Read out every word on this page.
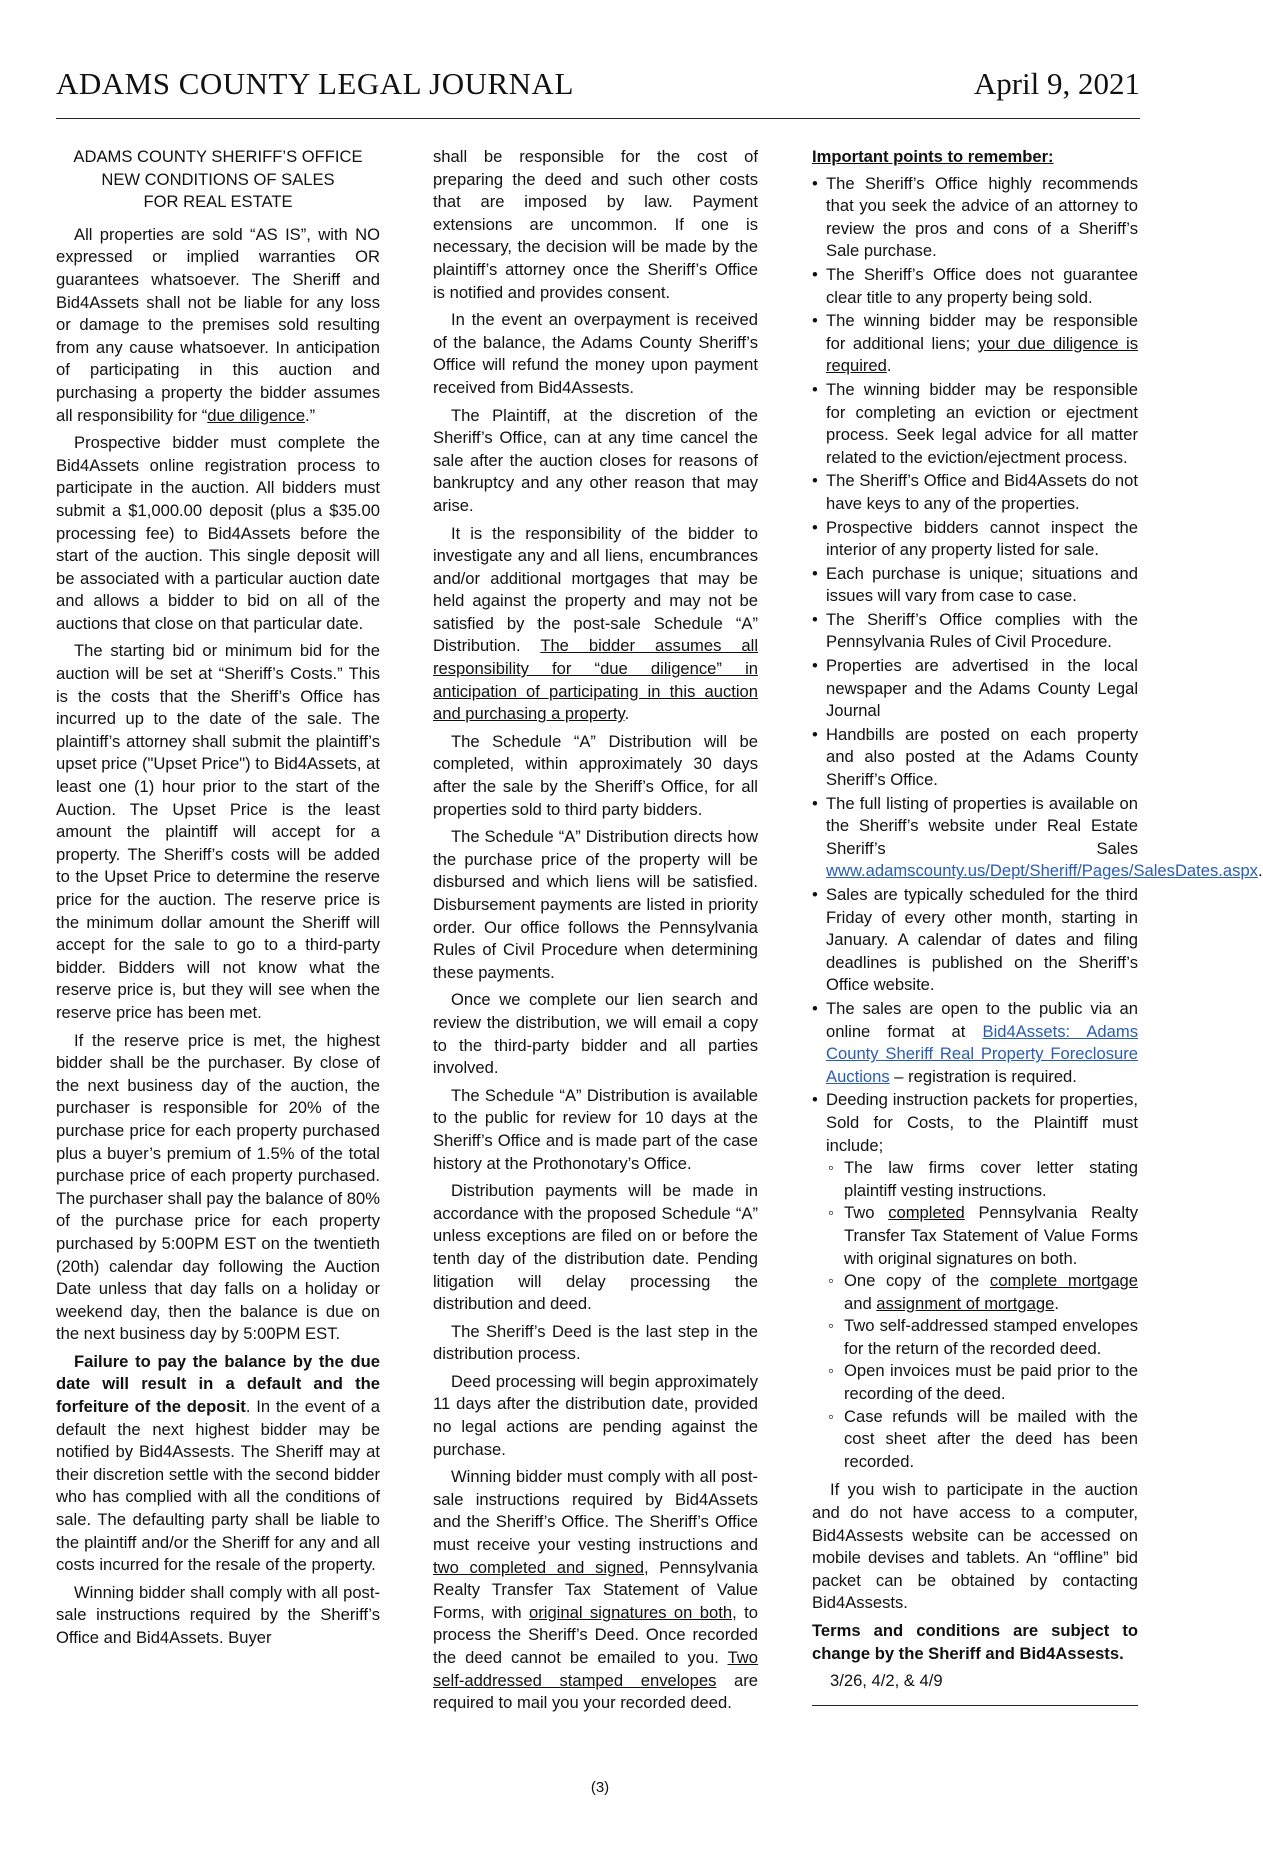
ADAMS COUNTY LEGAL JOURNAL	April 9, 2021
ADAMS COUNTY SHERIFF’S OFFICE
NEW CONDITIONS OF SALES
FOR REAL ESTATE

All properties are sold “AS IS”, with NO expressed or implied warranties OR guarantees whatsoever. The Sheriff and Bid4Assets shall not be liable for any loss or damage to the premises sold resulting from any cause whatsoever. In anticipation of participating in this auction and purchasing a property the bidder assumes all responsibility for “due diligence.”

Prospective bidder must complete the Bid4Assets online registration process to participate in the auction. All bidders must submit a $1,000.00 deposit (plus a $35.00 processing fee) to Bid4Assets before the start of the auction. This single deposit will be associated with a particular auction date and allows a bidder to bid on all of the auctions that close on that particular date.

The starting bid or minimum bid for the auction will be set at “Sheriff’s Costs.” This is the costs that the Sheriff’s Office has incurred up to the date of the sale. The plaintiff’s attorney shall submit the plaintiff’s upset price ("Upset Price") to Bid4Assets, at least one (1) hour prior to the start of the Auction. The Upset Price is the least amount the plaintiff will accept for a property. The Sheriff’s costs will be added to the Upset Price to determine the reserve price for the auction. The reserve price is the minimum dollar amount the Sheriff will accept for the sale to go to a third-party bidder. Bidders will not know what the reserve price is, but they will see when the reserve price has been met.

If the reserve price is met, the highest bidder shall be the purchaser. By close of the next business day of the auction, the purchaser is responsible for 20% of the purchase price for each property purchased plus a buyer’s premium of 1.5% of the total purchase price of each property purchased. The purchaser shall pay the balance of 80% of the purchase price for each property purchased by 5:00PM EST on the twentieth (20th) calendar day following the Auction Date unless that day falls on a holiday or weekend day, then the balance is due on the next business day by 5:00PM EST.

Failure to pay the balance by the due date will result in a default and the forfeiture of the deposit. In the event of a default the next highest bidder may be notified by Bid4Assests. The Sheriff may at their discretion settle with the second bidder who has complied with all the conditions of sale. The defaulting party shall be liable to the plaintiff and/or the Sheriff for any and all costs incurred for the resale of the property.

Winning bidder shall comply with all post-sale instructions required by the Sheriff’s Office and Bid4Assets. Buyer

shall be responsible for the cost of preparing the deed and such other costs that are imposed by law. Payment extensions are uncommon. If one is necessary, the decision will be made by the plaintiff’s attorney once the Sheriff’s Office is notified and provides consent.

In the event an overpayment is received of the balance, the Adams County Sheriff’s Office will refund the money upon payment received from Bid4Assests.

The Plaintiff, at the discretion of the Sheriff’s Office, can at any time cancel the sale after the auction closes for reasons of bankruptcy and any other reason that may arise.

It is the responsibility of the bidder to investigate any and all liens, encumbrances and/or additional mortgages that may be held against the property and may not be satisfied by the post-sale Schedule “A” Distribution. The bidder assumes all responsibility for “due diligence” in anticipation of participating in this auction and purchasing a property.

The Schedule “A” Distribution will be completed, within approximately 30 days after the sale by the Sheriff’s Office, for all properties sold to third party bidders.

The Schedule “A” Distribution directs how the purchase price of the property will be disbursed and which liens will be satisfied. Disbursement payments are listed in priority order. Our office follows the Pennsylvania Rules of Civil Procedure when determining these payments.

Once we complete our lien search and review the distribution, we will email a copy to the third-party bidder and all parties involved.

The Schedule “A” Distribution is available to the public for review for 10 days at the Sheriff’s Office and is made part of the case history at the Prothonotary’s Office.

Distribution payments will be made in accordance with the proposed Schedule “A” unless exceptions are filed on or before the tenth day of the distribution date. Pending litigation will delay processing the distribution and deed.

The Sheriff’s Deed is the last step in the distribution process.

Deed processing will begin approximately 11 days after the distribution date, provided no legal actions are pending against the purchase.

Winning bidder must comply with all post-sale instructions required by Bid4Assets and the Sheriff’s Office. The Sheriff’s Office must receive your vesting instructions and two completed and signed, Pennsylvania Realty Transfer Tax Statement of Value Forms, with original signatures on both, to process the Sheriff’s Deed. Once recorded the deed cannot be emailed to you. Two self-addressed stamped envelopes are required to mail you your recorded deed.

Important points to remember:
• The Sheriff’s Office highly recommends that you seek the advice of an attorney to review the pros and cons of a Sheriff’s Sale purchase.
• The Sheriff’s Office does not guarantee clear title to any property being sold.
• The winning bidder may be responsible for additional liens; your due diligence is required.
• The winning bidder may be responsible for completing an eviction or ejectment process. Seek legal advice for all matter related to the eviction/ejectment process.
• The Sheriff’s Office and Bid4Assets do not have keys to any of the properties.
• Prospective bidders cannot inspect the interior of any property listed for sale.
• Each purchase is unique; situations and issues will vary from case to case.
• The Sheriff’s Office complies with the Pennsylvania Rules of Civil Procedure.
• Properties are advertised in the local newspaper and the Adams County Legal Journal
• Handbills are posted on each property and also posted at the Adams County Sheriff’s Office.
• The full listing of properties is available on the Sheriff’s website under Real Estate Sheriff’s Sales www.adamscounty.us/Dept/Sheriff/Pages/SalesDates.aspx.
• Sales are typically scheduled for the third Friday of every other month, starting in January. A calendar of dates and filing deadlines is published on the Sheriff’s Office website.
• The sales are open to the public via an online format at Bid4Assets: Adams County Sheriff Real Property Foreclosure Auctions – registration is required.
• Deeding instruction packets for properties, Sold for Costs, to the Plaintiff must include;
◦ The law firms cover letter stating plaintiff vesting instructions.
◦ Two completed Pennsylvania Realty Transfer Tax Statement of Value Forms with original signatures on both.
◦ One copy of the complete mortgage and assignment of mortgage.
◦ Two self-addressed stamped envelopes for the return of the recorded deed.
◦ Open invoices must be paid prior to the recording of the deed.
◦ Case refunds will be mailed with the cost sheet after the deed has been recorded.

If you wish to participate in the auction and do not have access to a computer, Bid4Assests website can be accessed on mobile devises and tablets. An “offline” bid packet can be obtained by contacting Bid4Assests.

Terms and conditions are subject to change by the Sheriff and Bid4Assests.

3/26, 4/2, & 4/9

(3)
